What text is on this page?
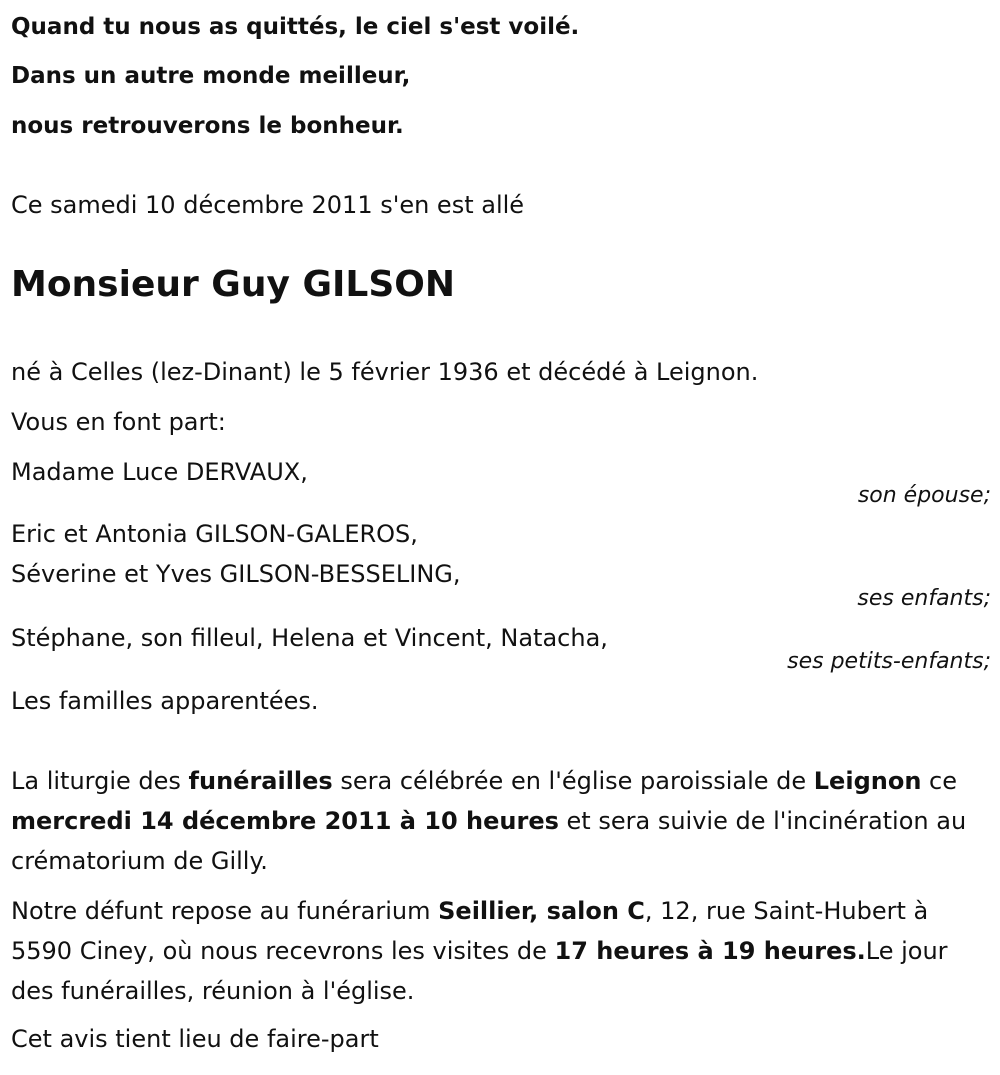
Quand tu nous as quittés, le ciel s'est voilé.
Dans un autre monde meilleur,
nous retrouverons le bonheur.
Ce samedi 10 décembre 2011 s'en est allé
Monsieur Guy GILSON
né à Celles (lez-Dinant) le 5 février 1936 et décédé à Leignon.
Vous en font part:
Madame Luce DERVAUX,
son épouse;
Eric et Antonia GILSON-GALEROS,
Séverine et Yves GILSON-BESSELING,
ses enfants;
Stéphane, son filleul, Helena et Vincent, Natacha,
ses petits-enfants;
Les familles apparentées.
La liturgie des funérailles sera célébrée en l'église paroissiale de Leignon ce mercredi 14 décembre 2011 à 10 heures et sera suivie de l'incinération au crématorium de Gilly.
Notre défunt repose au funérarium Seillier, salon C, 12, rue Saint-Hubert à 5590 Ciney, où nous recevrons les visites de 17 heures à 19 heures.Le jour des funérailles, réunion à l'église.
Cet avis tient lieu de faire-part
